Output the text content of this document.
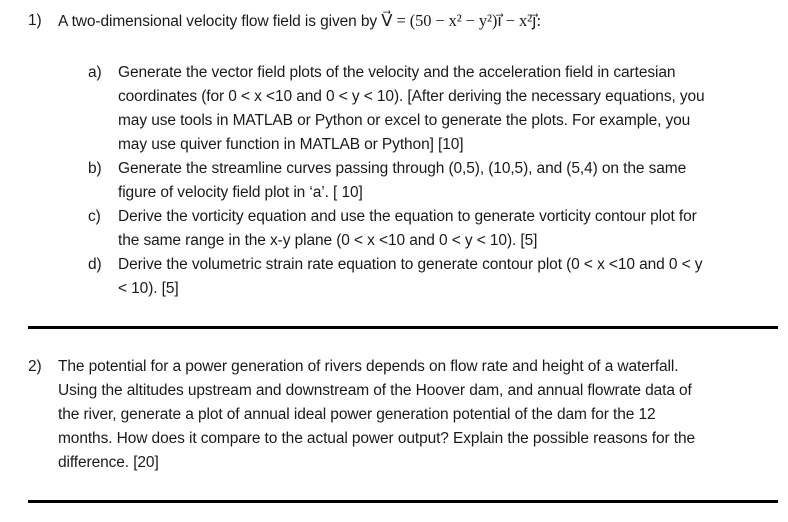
1) A two-dimensional velocity flow field is given by V⃗ = (50 − x² − y²)ı⃗ − x²ȷ⃗:
a) Generate the vector field plots of the velocity and the acceleration field in cartesian
coordinates (for 0 < x <10 and 0 < y < 10). [After deriving the necessary equations, you
may use tools in MATLAB or Python or excel to generate the plots. For example, you
may use quiver function in MATLAB or Python] [10]
b) Generate the streamline curves passing through (0,5), (10,5), and (5,4) on the same
figure of velocity field plot in ‘a’. [ 10]
c) Derive the vorticity equation and use the equation to generate vorticity contour plot for
the same range in the x-y plane (0 < x <10 and 0 < y < 10). [5]
d) Derive the volumetric strain rate equation to generate contour plot (0 < x <10 and 0 < y
< 10). [5]
2) The potential for a power generation of rivers depends on flow rate and height of a waterfall.
Using the altitudes upstream and downstream of the Hoover dam, and annual flowrate data of
the river, generate a plot of annual ideal power generation potential of the dam for the 12
months. How does it compare to the actual power output? Explain the possible reasons for the
difference. [20]
